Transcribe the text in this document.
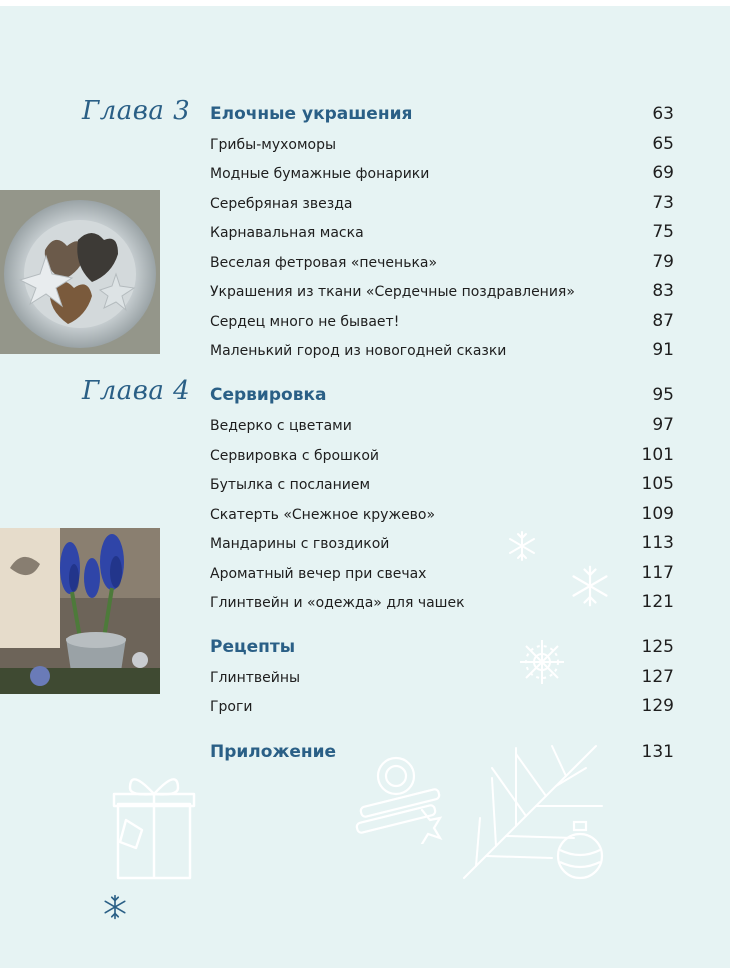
Глава 3
Глава 4
Елочные украшения	63
Грибы-мухоморы	65
Модные бумажные фонарики	69
Серебряная звезда	73
Карнавальная маска	75
Веселая фетровая «печенька»	79
Украшения из ткани «Сердечные поздравления»	83
Сердец много не бывает!	87
Маленький город из новогодней сказки	91
Сервировка	95
Ведерко с цветами	97
Сервировка с брошкой	101
Бутылка с посланием	105
Скатерть «Снежное кружево»	109
Мандарины с гвоздикой	113
Ароматный вечер при свечах	117
Глинтвейн и «одежда» для чашек	121
Рецепты	125
Глинтвейны	127
Гроги	129
Приложение	131
